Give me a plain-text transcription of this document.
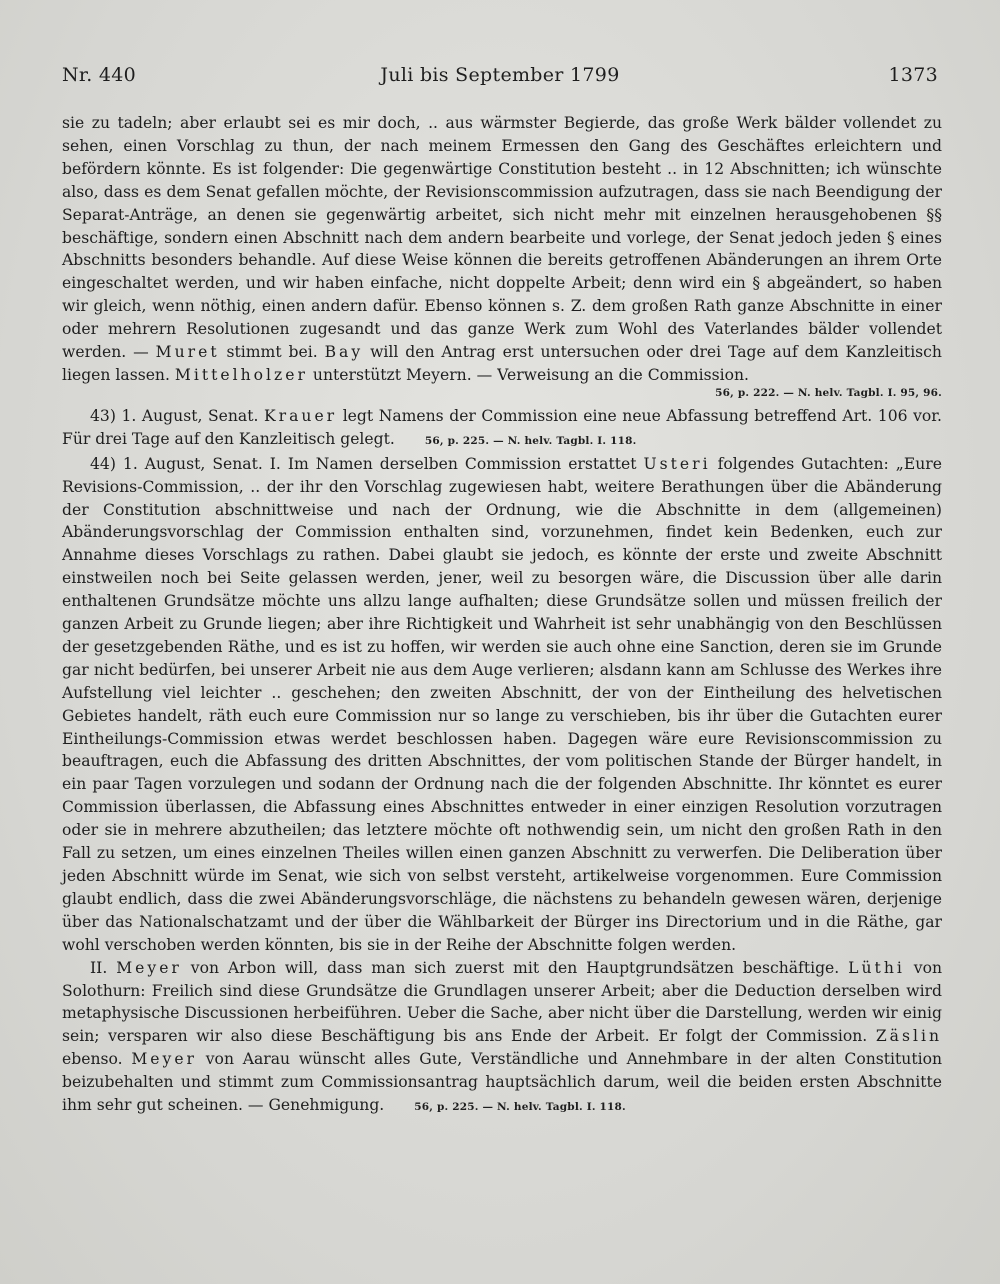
Nr. 440	Juli bis September 1799	1373

sie zu tadeln; aber erlaubt sei es mir doch, .. aus wärmster Begierde, das große Werk bälder vollendet zu sehen, einen Vorschlag zu thun, der nach meinem Ermessen den Gang des Geschäftes erleichtern und befördern könnte. Es ist folgender: Die gegenwärtige Constitution besteht .. in 12 Abschnitten; ich wünschte also, dass es dem Senat gefallen möchte, der Revisionscommission aufzutragen, dass sie nach Beendigung der Separat-Anträge, an denen sie gegenwärtig arbeitet, sich nicht mehr mit einzelnen herausgehobenen §§ beschäftige, sondern einen Abschnitt nach dem andern bearbeite und vorlege, der Senat jedoch jeden § eines Abschnitts besonders behandle. Auf diese Weise können die bereits getroffenen Abänderungen an ihrem Orte eingeschaltet werden, und wir haben einfache, nicht doppelte Arbeit; denn wird ein § abgeändert, so haben wir gleich, wenn nöthig, einen andern dafür. Ebenso können s. Z. dem großen Rath ganze Abschnitte in einer oder mehrern Resolutionen zugesandt und das ganze Werk zum Wohl des Vaterlandes bälder vollendet werden. — Muret stimmt bei. Bay will den Antrag erst untersuchen oder drei Tage auf dem Kanzleitisch liegen lassen. Mittelholzer unterstützt Meyern. — Verweisung an die Commission.

56, p. 222. — N. helv. Tagbl. I. 95, 96.

43) 1. August, Senat. Krauer legt Namens der Commission eine neue Abfassung betreffend Art. 106 vor. Für drei Tage auf den Kanzleitisch gelegt.	56, p. 225. — N. helv. Tagbl. I. 118.

44) 1. August, Senat. I. Im Namen derselben Commission erstattet Usteri folgendes Gutachten: „Eure Revisions-Commission, .. der ihr den Vorschlag zugewiesen habt, weitere Berathungen über die Abänderung der Constitution abschnittweise und nach der Ordnung, wie die Abschnitte in dem (allgemeinen) Abänderungsvorschlag der Commission enthalten sind, vorzunehmen, findet kein Bedenken, euch zur Annahme dieses Vorschlags zu rathen. Dabei glaubt sie jedoch, es könnte der erste und zweite Abschnitt einstweilen noch bei Seite gelassen werden, jener, weil zu besorgen wäre, die Discussion über alle darin enthaltenen Grundsätze möchte uns allzu lange aufhalten; diese Grundsätze sollen und müssen freilich der ganzen Arbeit zu Grunde liegen; aber ihre Richtigkeit und Wahrheit ist sehr unabhängig von den Beschlüssen der gesetzgebenden Räthe, und es ist zu hoffen, wir werden sie auch ohne eine Sanction, deren sie im Grunde gar nicht bedürfen, bei unserer Arbeit nie aus dem Auge verlieren; alsdann kann am Schlusse des Werkes ihre Aufstellung viel leichter .. geschehen; den zweiten Abschnitt, der von der Eintheilung des helvetischen Gebietes handelt, räth euch eure Commission nur so lange zu verschieben, bis ihr über die Gutachten eurer Eintheilungs-Commission etwas werdet beschlossen haben. Dagegen wäre eure Revisionscommission zu beauftragen, euch die Abfassung des dritten Abschnittes, der vom politischen Stande der Bürger handelt, in ein paar Tagen vorzulegen und sodann der Ordnung nach die der folgenden Abschnitte. Ihr könntet es eurer Commission überlassen, die Abfassung eines Abschnittes entweder in einer einzigen Resolution vorzutragen oder sie in mehrere abzutheilen; das letztere möchte oft nothwendig sein, um nicht den großen Rath in den Fall zu setzen, um eines einzelnen Theiles willen einen ganzen Abschnitt zu verwerfen. Die Deliberation über jeden Abschnitt würde im Senat, wie sich von selbst versteht, artikelweise vorgenommen. Eure Commission glaubt endlich, dass die zwei Abänderungsvorschläge, die nächstens zu behandeln gewesen wären, derjenige über das Nationalschatzamt und der über die Wählbarkeit der Bürger ins Directorium und in die Räthe, gar wohl verschoben werden könnten, bis sie in der Reihe der Abschnitte folgen werden.

II. Meyer von Arbon will, dass man sich zuerst mit den Hauptgrundsätzen beschäftige. Lüthi von Solothurn: Freilich sind diese Grundsätze die Grundlagen unserer Arbeit; aber die Deduction derselben wird metaphysische Discussionen herbeiführen. Ueber die Sache, aber nicht über die Darstellung, werden wir einig sein; versparen wir also diese Beschäftigung bis ans Ende der Arbeit. Er folgt der Commission. Zäslin ebenso. Meyer von Aarau wünscht alles Gute, Verständliche und Annehmbare in der alten Constitution beizubehalten und stimmt zum Commissionsantrag hauptsächlich darum, weil die beiden ersten Abschnitte ihm sehr gut scheinen. — Genehmigung.	56, p. 225. — N. helv. Tagbl. I. 118.
